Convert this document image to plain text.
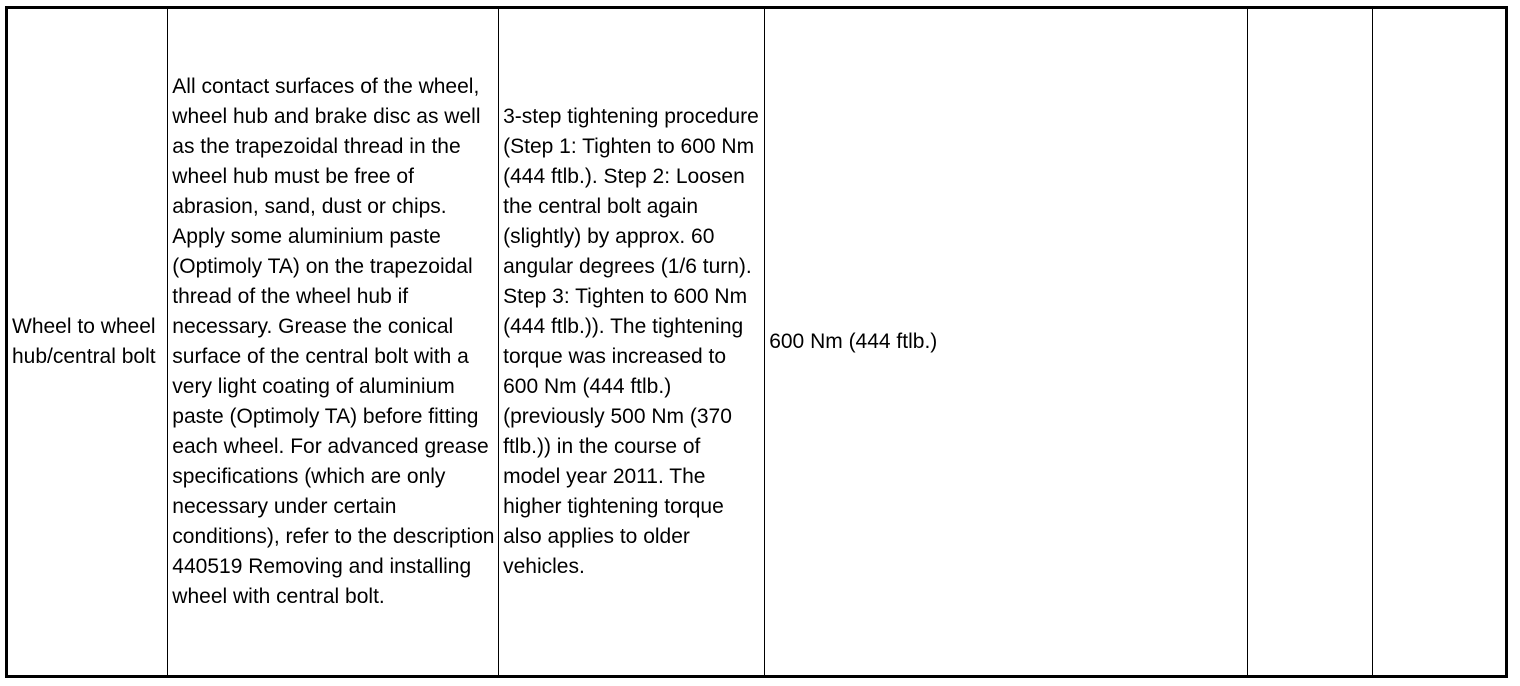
Wheel to wheel hub/central bolt

All contact surfaces of the wheel, wheel hub and brake disc as well as the trapezoidal thread in the wheel hub must be free of abrasion, sand, dust or chips. Apply some aluminium paste (Optimoly TA) on the trapezoidal thread of the wheel hub if necessary. Grease the conical surface of the central bolt with a very light coating of aluminium paste (Optimoly TA) before fitting each wheel. For advanced grease specifications (which are only necessary under certain conditions), refer to the description 440519 Removing and installing wheel with central bolt.

3-step tightening procedure (Step 1: Tighten to 600 Nm (444 ftlb.). Step 2: Loosen the central bolt again (slightly) by approx. 60 angular degrees (1/6 turn). Step 3: Tighten to 600 Nm (444 ftlb.)). The tightening torque was increased to 600 Nm (444 ftlb.) (previously 500 Nm (370 ftlb.)) in the course of model year 2011. The higher tightening torque also applies to older vehicles.

600 Nm (444 ftlb.)
